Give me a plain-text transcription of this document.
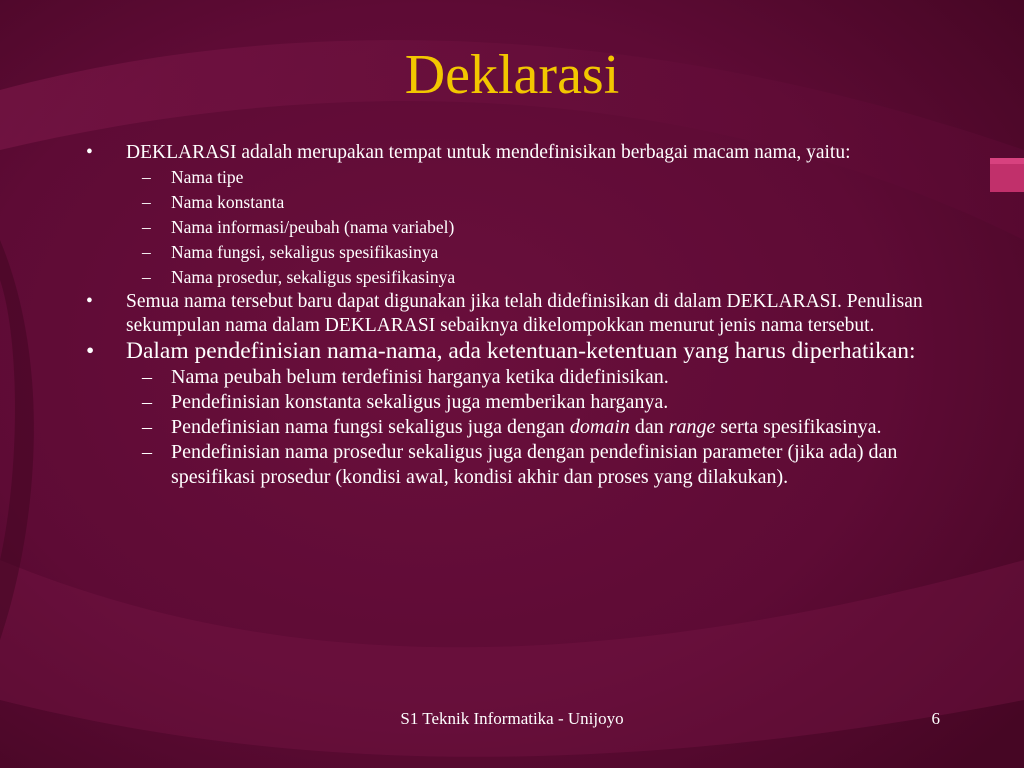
Deklarasi
• DEKLARASI adalah merupakan tempat untuk mendefinisikan berbagai macam nama, yaitu:
– Nama tipe
– Nama konstanta
– Nama informasi/peubah (nama variabel)
– Nama fungsi, sekaligus spesifikasinya
– Nama prosedur, sekaligus spesifikasinya
• Semua nama tersebut baru dapat digunakan jika telah didefinisikan di dalam DEKLARASI. Penulisan sekumpulan nama dalam DEKLARASI sebaiknya dikelompokkan menurut jenis nama tersebut.
• Dalam pendefinisian nama-nama, ada ketentuan-ketentuan yang harus diperhatikan:
– Nama peubah belum terdefinisi harganya ketika didefinisikan.
– Pendefinisian konstanta sekaligus juga memberikan harganya.
– Pendefinisian nama fungsi sekaligus juga dengan domain dan range serta spesifikasinya.
– Pendefinisian nama prosedur sekaligus juga dengan pendefinisian parameter (jika ada) dan spesifikasi prosedur (kondisi awal, kondisi akhir dan proses yang dilakukan).
S1 Teknik Informatika - Unijoyo	6
